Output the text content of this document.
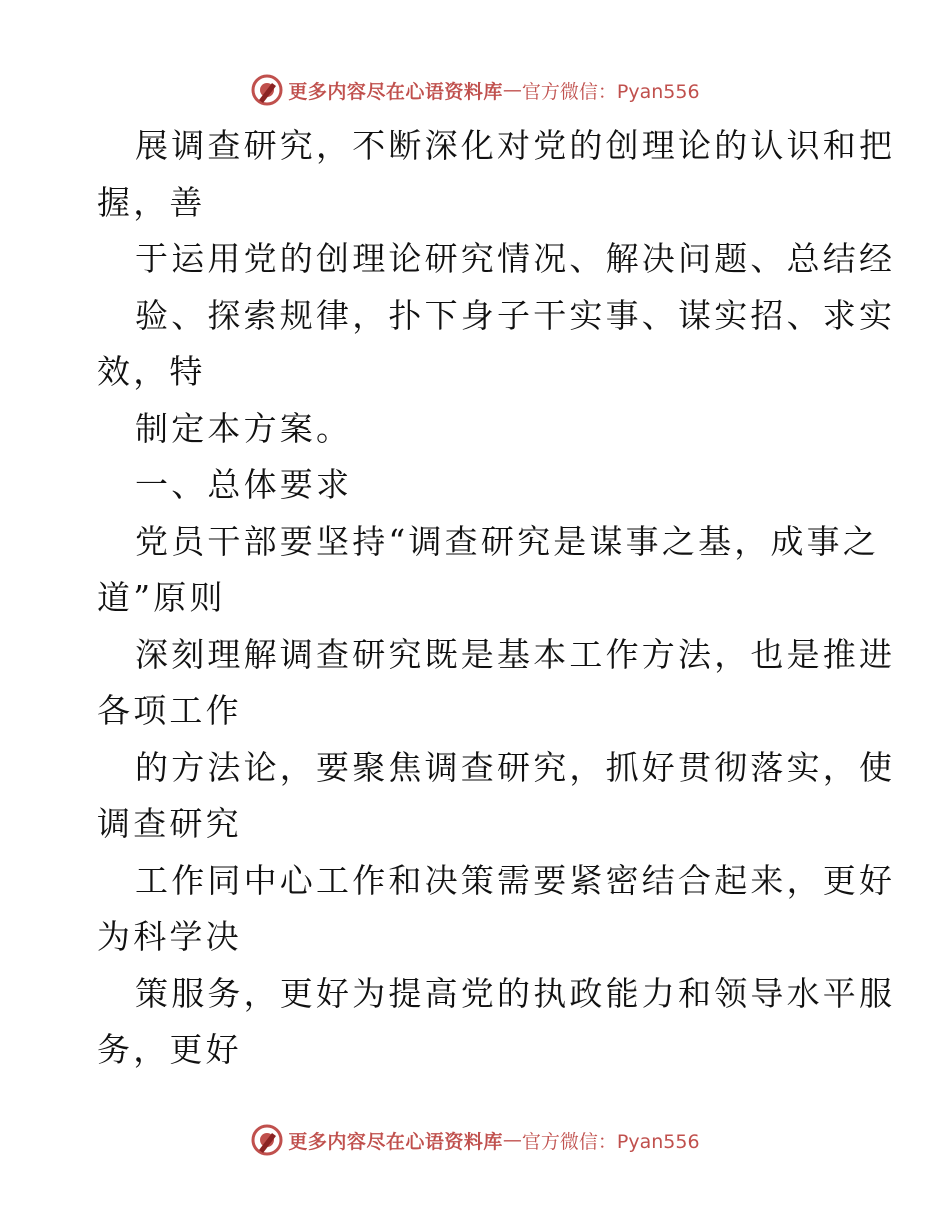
更多内容尽在心语资料库 — 官方微信：Pyan556

展调查研究，不断深化对党的创理论的认识和把

握，善

于运用党的创理论研究情况、解决问题、总结经

验、探索规律，扑下身子干实事、谋实招、求实

效，特

制定本方案。

一、总体要求

党员干部要坚持“调查研究是谋事之基，成事之

道”原则

深刻理解调查研究既是基本工作方法，也是推进

各项工作

的方法论，要聚焦调查研究，抓好贯彻落实，使

调查研究

工作同中心工作和决策需要紧密结合起来，更好

为科学决

策服务，更好为提高党的执政能力和领导水平服

务，更好

更多内容尽在心语资料库 — 官方微信：Pyan556
